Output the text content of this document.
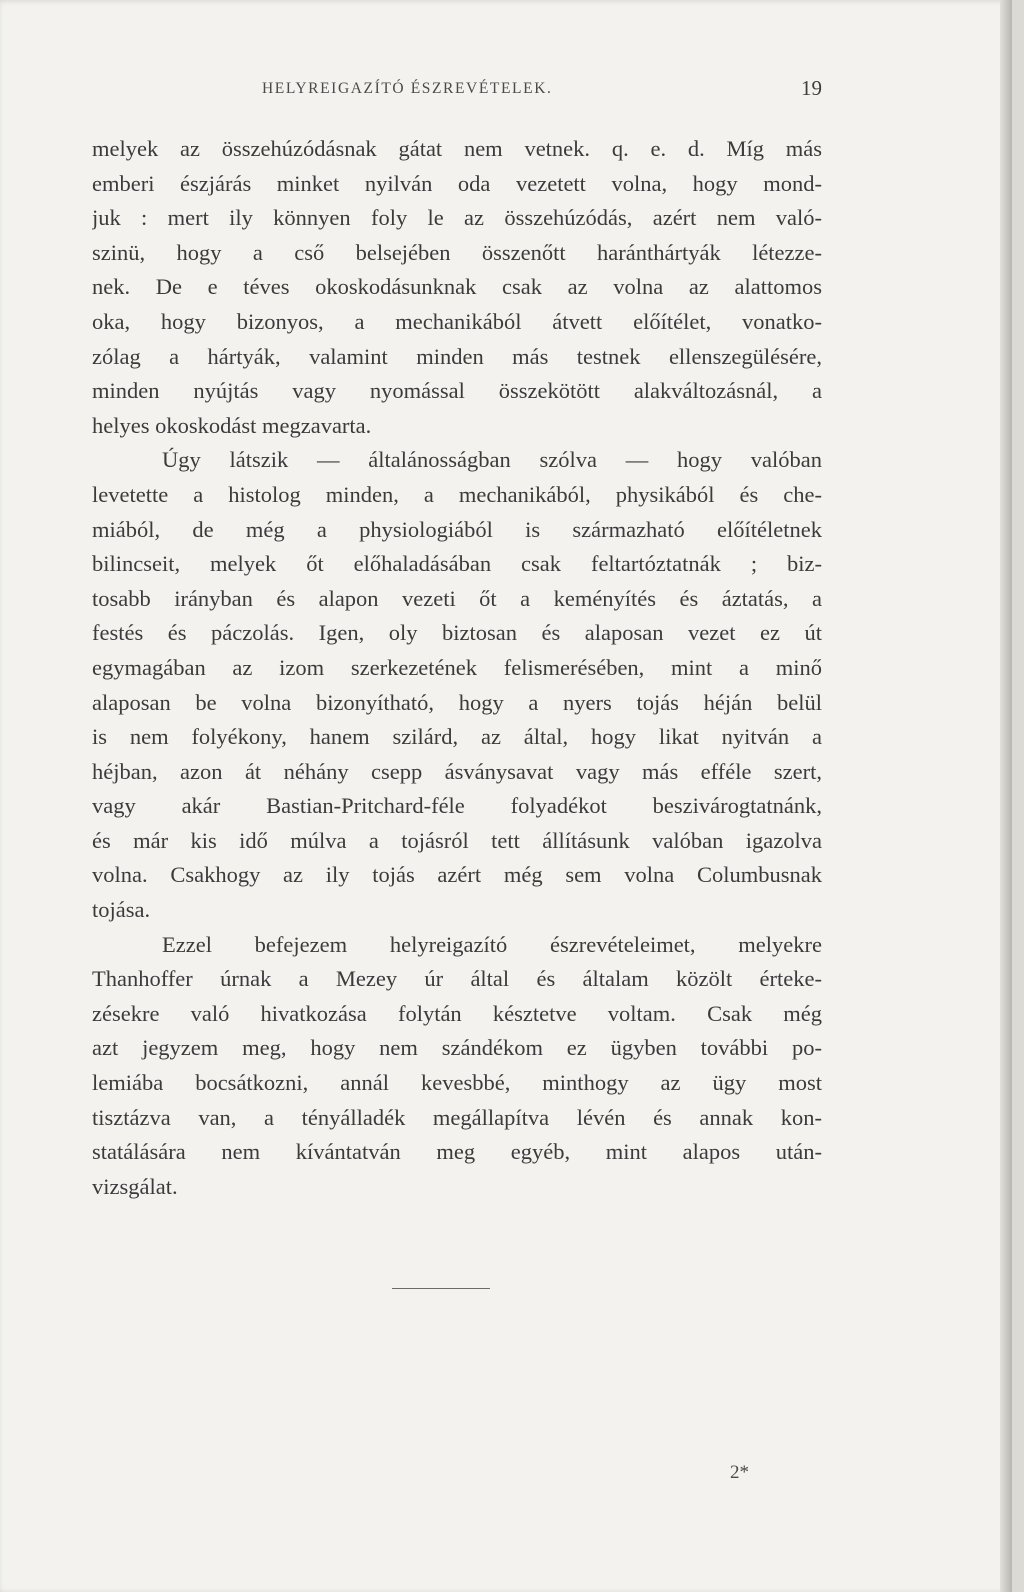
HELYREIGAZÍTÓ ÉSZREVÉTELEK.	19
melyek az összehúzódásnak gátat nem vetnek. q. e. d. Míg más
emberi észjárás minket nyilván oda vezetett volna, hogy mond-
juk : mert ily könnyen foly le az összehúzódás, azért nem való-
szinü, hogy a cső belsejében összenőtt haránthártyák létezze-
nek. De e téves okoskodásunknak csak az volna az alattomos
oka, hogy bizonyos, a mechanikából átvett előítélet, vonatko-
zólag a hártyák, valamint minden más testnek ellenszegülésére,
minden nyújtás vagy nyomással összekötött alakváltozásnál, a
helyes okoskodást megzavarta.
Úgy látszik — általánosságban szólva — hogy valóban
levetette a histolog minden, a mechanikából, physikából és che-
miából, de még a physiologiából is származható előítéletnek
bilincseit, melyek őt előhaladásában csak feltartóztatnák ; biz-
tosabb irányban és alapon vezeti őt a keményítés és áztatás, a
festés és páczolás. Igen, oly biztosan és alaposan vezet ez út
egymagában az izom szerkezetének felismerésében, mint a minő
alaposan be volna bizonyítható, hogy a nyers tojás héján belül
is nem folyékony, hanem szilárd, az által, hogy likat nyitván a
héjban, azon át néhány csepp ásványsavat vagy más efféle szert,
vagy akár Bastian-Pritchard-féle folyadékot beszivárogtatnánk,
és már kis idő múlva a tojásról tett állításunk valóban igazolva
volna. Csakhogy az ily tojás azért még sem volna Columbusnak
tojása.
Ezzel befejezem helyreigazító észrevételeimet, melyekre
Thanhoffer úrnak a Mezey úr által és általam közölt érteke-
zésekre való hivatkozása folytán késztetve voltam. Csak még
azt jegyzem meg, hogy nem szándékom ez ügyben további po-
lemiába bocsátkozni, annál kevesbbé, minthogy az ügy most
tisztázva van, a tényálladék megállapítva lévén és annak kon-
statálására nem kívántatván meg egyéb, mint alapos után-
vizsgálat.
2*
